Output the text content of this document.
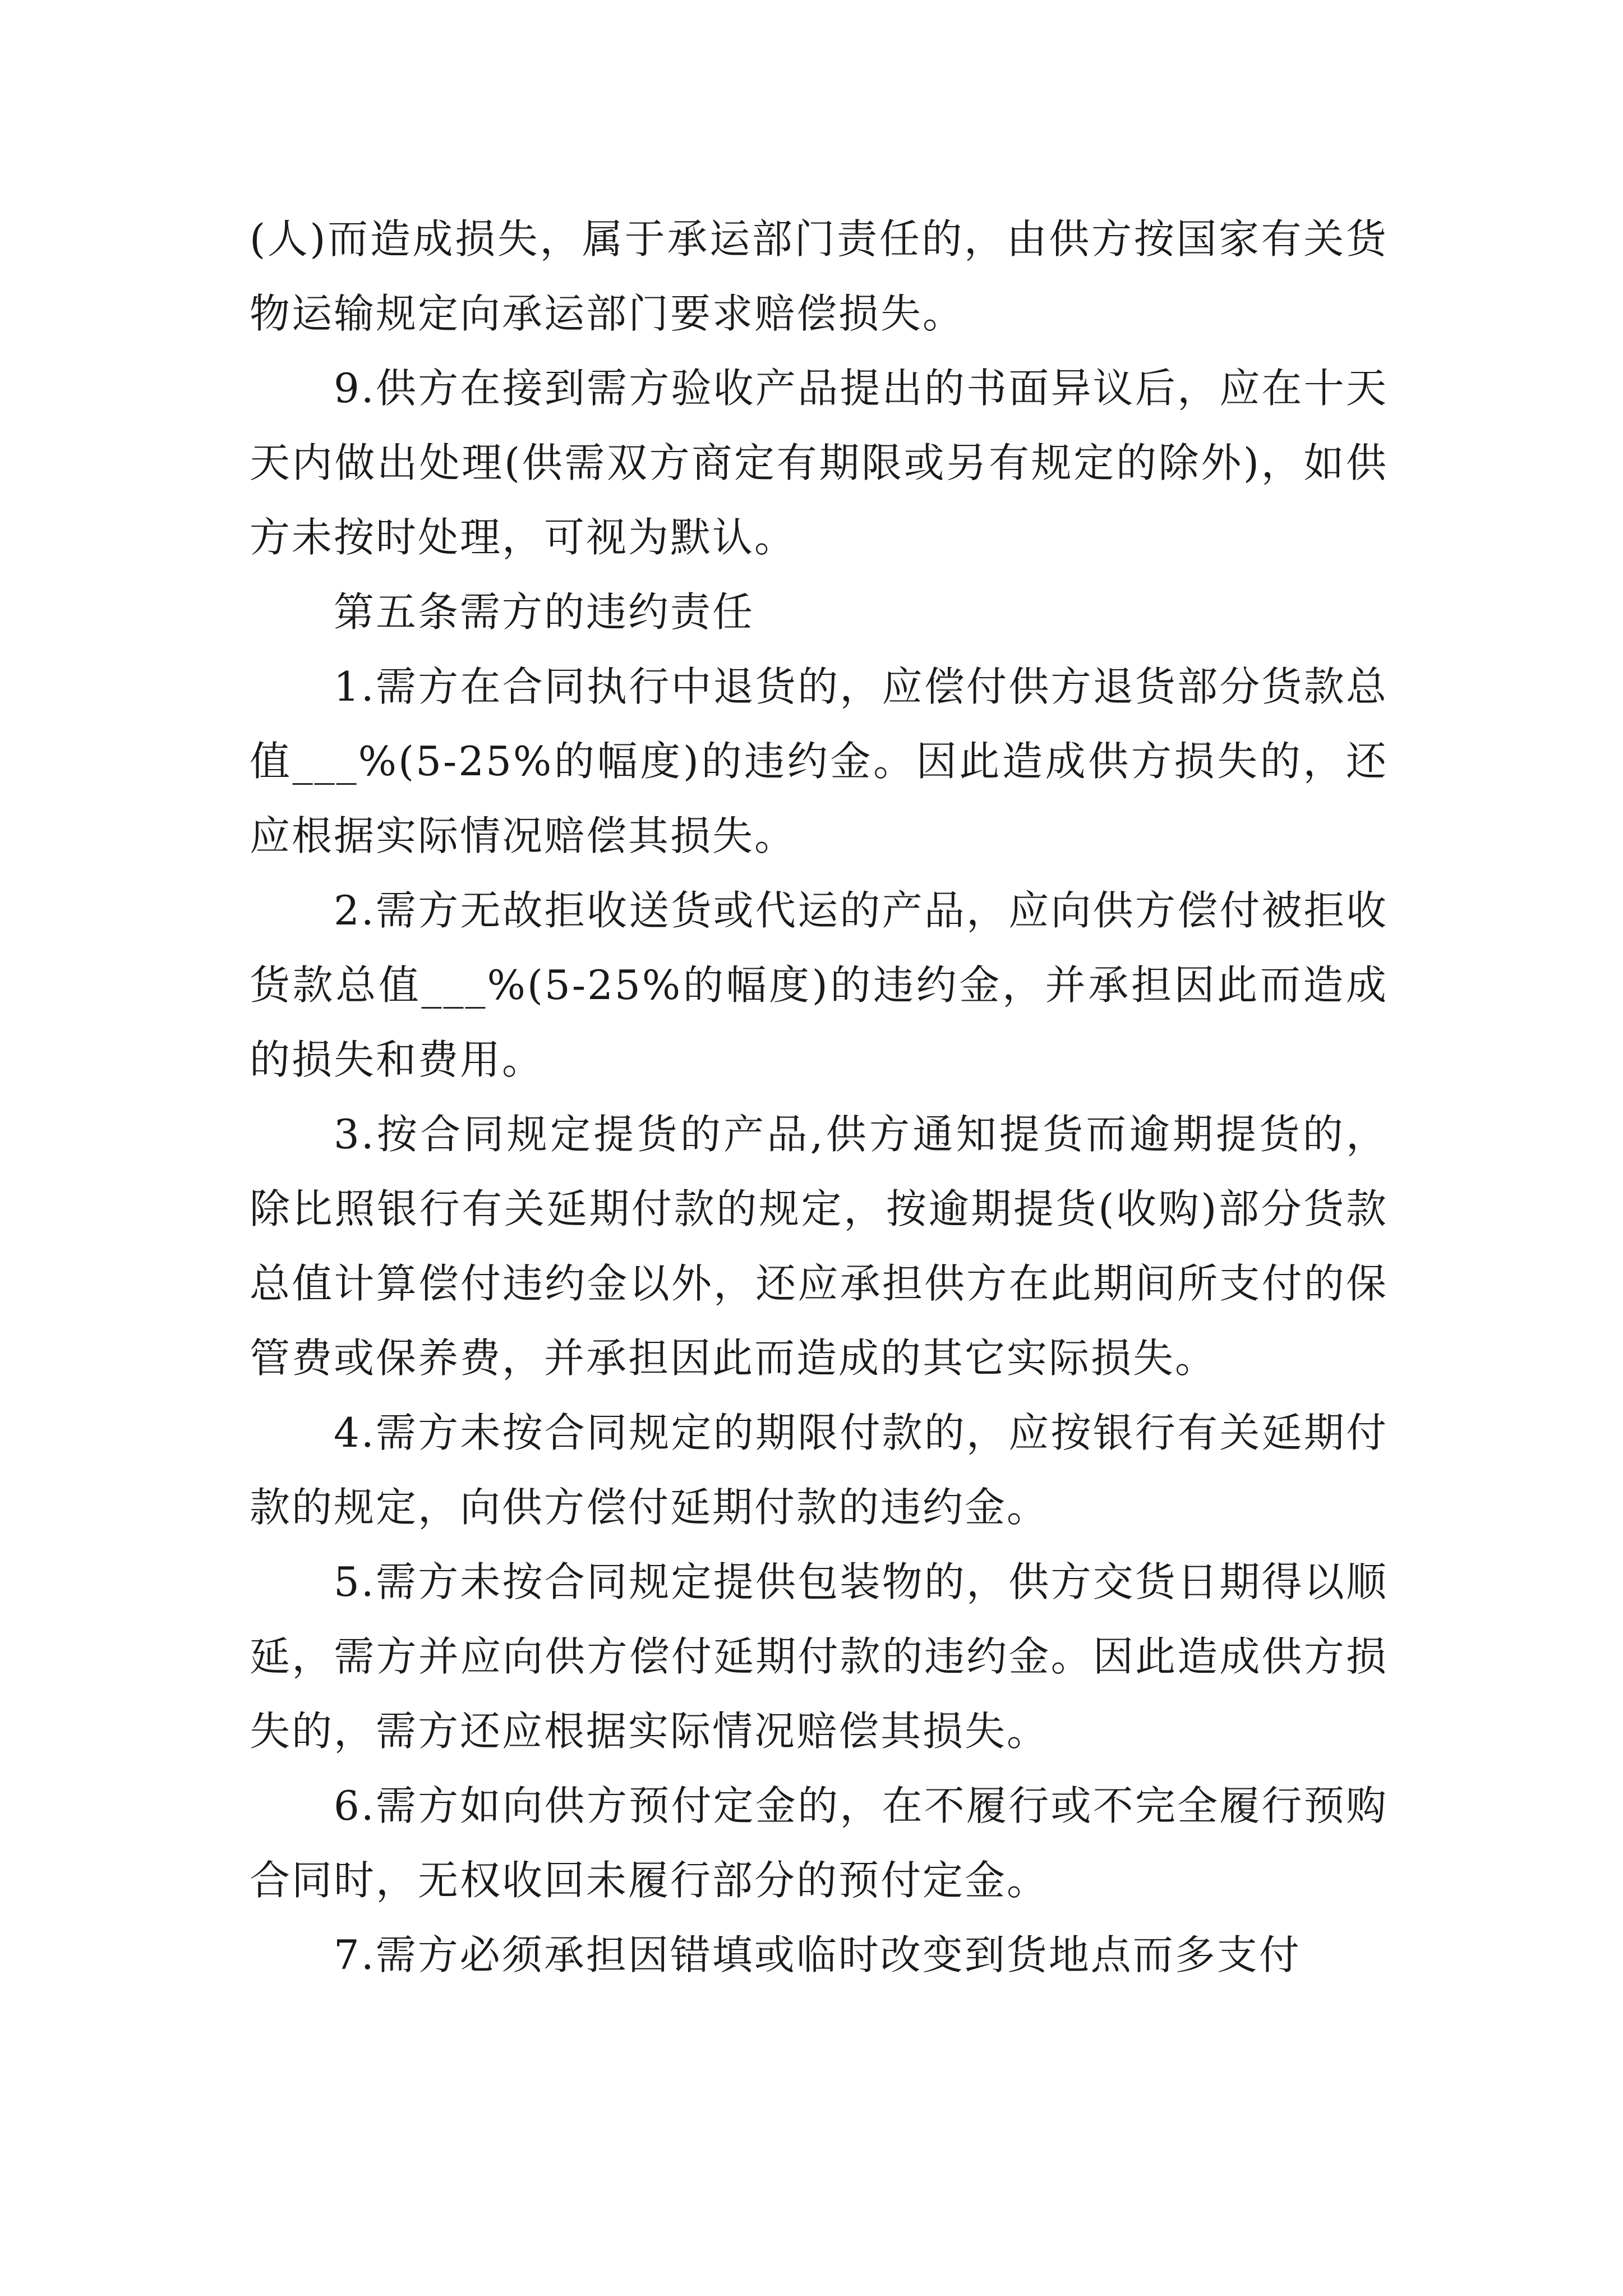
(人)而造成损失，属于承运部门责任的，由供方按国家有关货物运输规定向承运部门要求赔偿损失。

9.供方在接到需方验收产品提出的书面异议后，应在十天天内做出处理(供需双方商定有期限或另有规定的除外)，如供方未按时处理，可视为默认。

第五条需方的违约责任

1.需方在合同执行中退货的，应偿付供方退货部分货款总值___%(5-25%的幅度)的违约金。因此造成供方损失的，还应根据实际情况赔偿其损失。

2.需方无故拒收送货或代运的产品，应向供方偿付被拒收货款总值___%(5-25%的幅度)的违约金，并承担因此而造成的损失和费用。

3.按合同规定提货的产品,供方通知提货而逾期提货的，除比照银行有关延期付款的规定，按逾期提货(收购)部分货款总值计算偿付违约金以外，还应承担供方在此期间所支付的保管费或保养费，并承担因此而造成的其它实际损失。

4.需方未按合同规定的期限付款的，应按银行有关延期付款的规定，向供方偿付延期付款的违约金。

5.需方未按合同规定提供包装物的，供方交货日期得以顺延，需方并应向供方偿付延期付款的违约金。因此造成供方损失的，需方还应根据实际情况赔偿其损失。

6.需方如向供方预付定金的，在不履行或不完全履行预购合同时，无权收回未履行部分的预付定金。

7.需方必须承担因错填或临时改变到货地点而多支付
